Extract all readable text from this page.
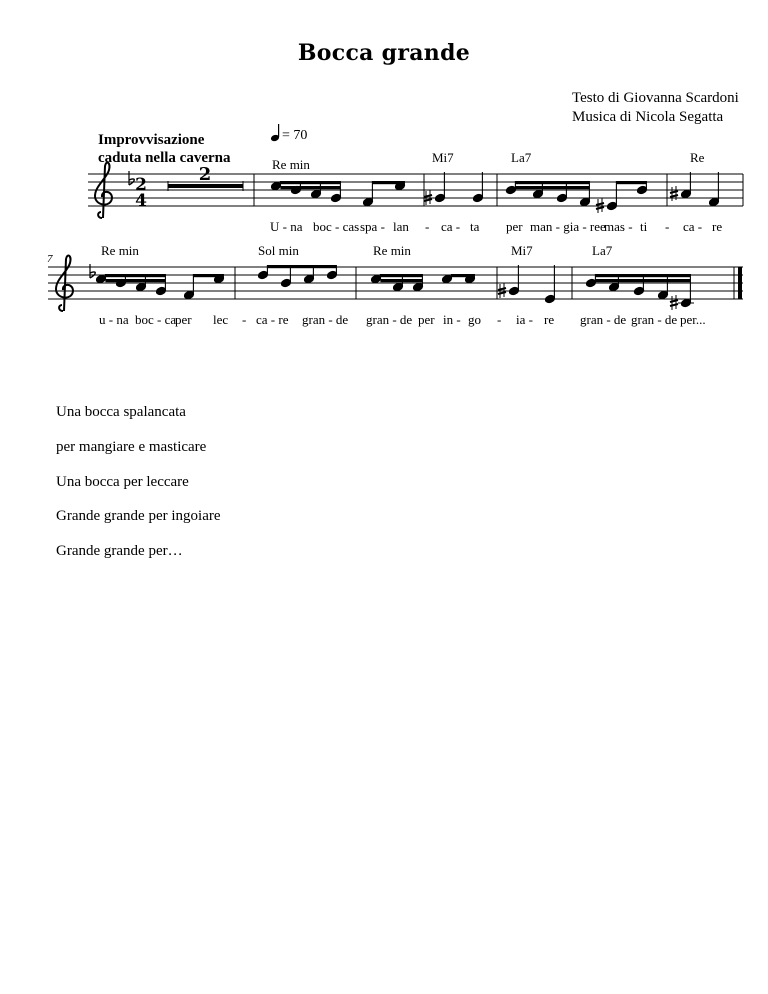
Bocca grande
Testo di Giovanna Scardoni
Musica di Nicola Segatta
Improvvisazione
caduta nella caverna
= 70
Re min	Mi7	La7	Re
Re min	Sol min	Re min	Mi7	La7
7
2
4
2
U - na boc - cas spa - lan - ca - ta per man - gia - ree
mas - ti - ca - re
u - na boc - ca
per lec - ca - re gran - de gran - de per in - go - ia - re gran - de gran - de per...
Una bocca spalancata
per mangiare e masticare
Una bocca per leccare
Grande grande per ingoiare
Grande grande per…
